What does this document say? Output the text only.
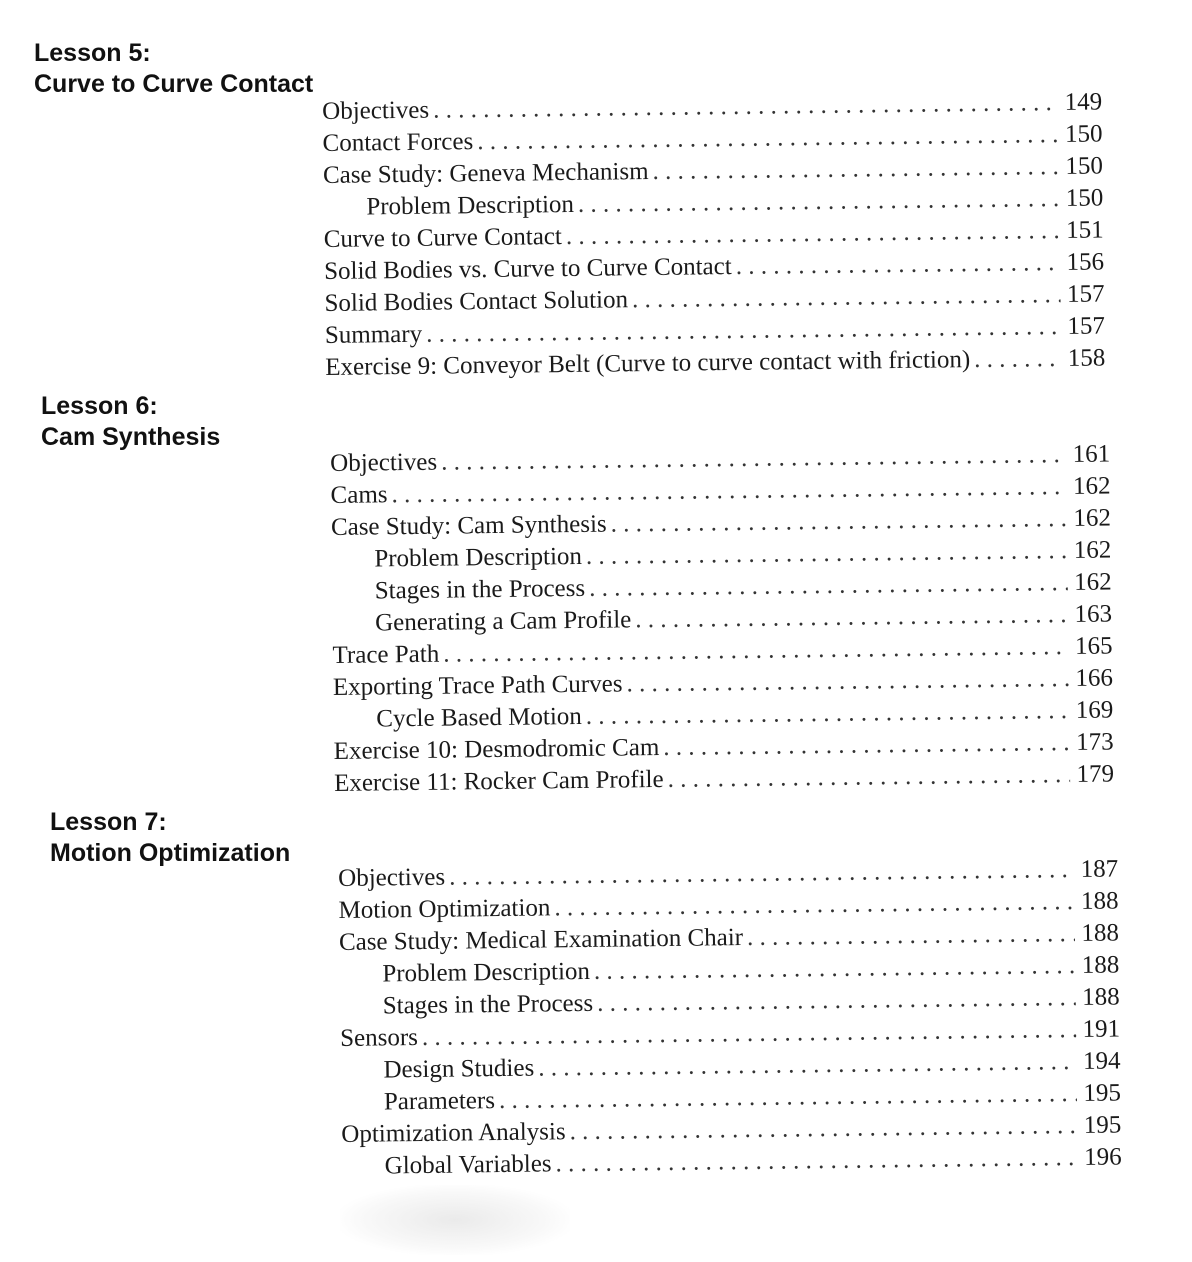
Lesson 5:
Curve to Curve Contact
Objectives . . .	149
Contact Forces . . .	150
Case Study: Geneva Mechanism . . .	150
Problem Description . . .	150
Curve to Curve Contact . . .	151
Solid Bodies vs. Curve to Curve Contact . . .	156
Solid Bodies Contact Solution . . .	157
Summary . . .	157
Exercise 9: Conveyor Belt (Curve to curve contact with friction) . . .	158
Lesson 6:
Cam Synthesis
Objectives . . .	161
Cams . . .	162
Case Study: Cam Synthesis . . .	162
Problem Description . . .	162
Stages in the Process . . .	162
Generating a Cam Profile . . .	163
Trace Path . . .	165
Exporting Trace Path Curves . . .	166
Cycle Based Motion . . .	169
Exercise 10: Desmodromic Cam . . .	173
Exercise 11: Rocker Cam Profile . . .	179
Lesson 7:
Motion Optimization
Objectives . . .	187
Motion Optimization . . .	188
Case Study: Medical Examination Chair . . .	188
Problem Description . . .	188
Stages in the Process . . .	188
Sensors . . .	191
Design Studies . . .	194
Parameters . . .	195
Optimization Analysis . . .	195
Global Variables . . .	196
